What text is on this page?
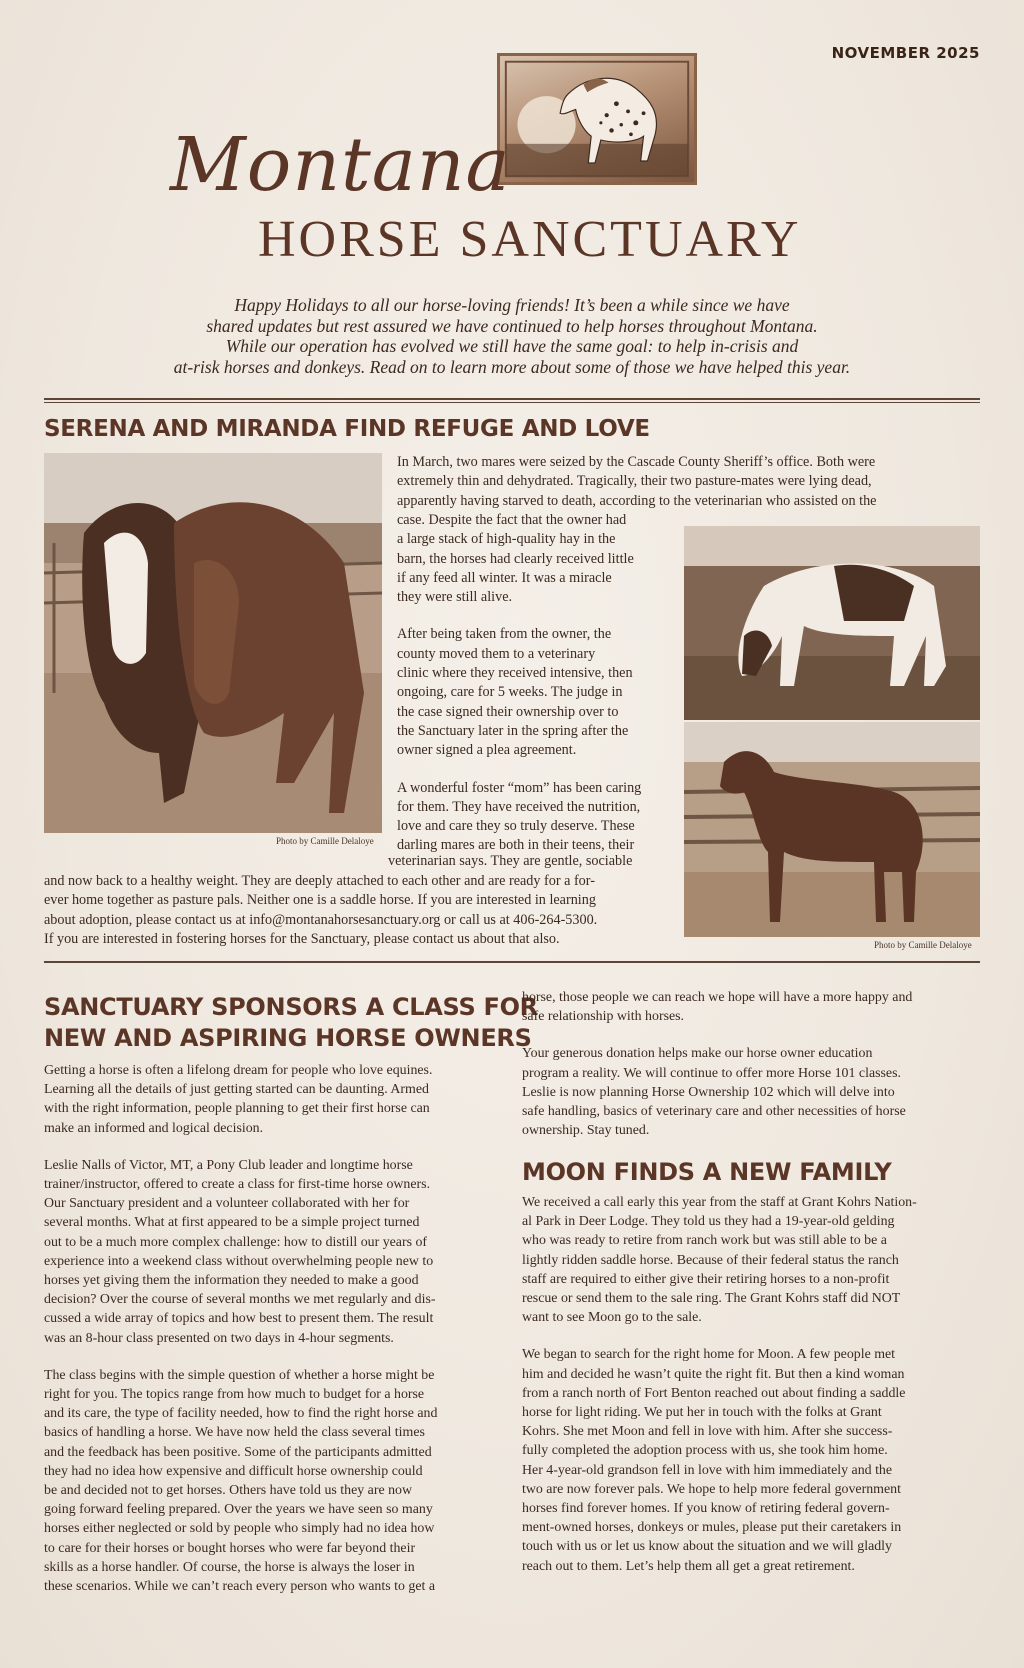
NOVEMBER 2025
Montana
HORSE SANCTUARY
Happy Holidays to all our horse-loving friends! It’s been a while since we have
shared updates but rest assured we have continued to help horses throughout Montana.
While our operation has evolved we still have the same goal: to help in-crisis and
at-risk horses and donkeys. Read on to learn more about some of those we have helped this year.
SERENA AND MIRANDA FIND REFUGE AND LOVE
Photo by Camille Delaloye
Photo by Camille Delaloye
In March, two mares were seized by the Cascade County Sheriff’s office. Both were
extremely thin and dehydrated. Tragically, their two pasture-mates were lying dead,
apparently having starved to death, according to the veterinarian who assisted on the
case. Despite the fact that the owner had
a large stack of high-quality hay in the
barn, the horses had clearly received little
if any feed all winter. It was a miracle
they were still alive.
After being taken from the owner, the
county moved them to a veterinary
clinic where they received intensive, then
ongoing, care for 5 weeks. The judge in
the case signed their ownership over to
the Sanctuary later in the spring after the
owner signed a plea agreement.
A wonderful foster “mom” has been caring
for them. They have received the nutrition,
love and care they so truly deserve. These
darling mares are both in their teens, their
veterinarian says. They are gentle, sociable
and now back to a healthy weight. They are deeply attached to each other and are ready for a for-
ever home together as pasture pals. Neither one is a saddle horse. If you are interested in learning
about adoption, please contact us at info@montanahorsesanctuary.org or call us at 406-264-5300.
If you are interested in fostering horses for the Sanctuary, please contact us about that also.
SANCTUARY SPONSORS A CLASS FOR
NEW AND ASPIRING HORSE OWNERS
Getting a horse is often a lifelong dream for people who love equines.
Learning all the details of just getting started can be daunting. Armed
with the right information, people planning to get their first horse can
make an informed and logical decision.
Leslie Nalls of Victor, MT, a Pony Club leader and longtime horse
trainer/instructor, offered to create a class for first-time horse owners.
Our Sanctuary president and a volunteer collaborated with her for
several months. What at first appeared to be a simple project turned
out to be a much more complex challenge: how to distill our years of
experience into a weekend class without overwhelming people new to
horses yet giving them the information they needed to make a good
decision? Over the course of several months we met regularly and dis-
cussed a wide array of topics and how best to present them. The result
was an 8-hour class presented on two days in 4-hour segments.
The class begins with the simple question of whether a horse might be
right for you. The topics range from how much to budget for a horse
and its care, the type of facility needed, how to find the right horse and
basics of handling a horse. We have now held the class several times
and the feedback has been positive. Some of the participants admitted
they had no idea how expensive and difficult horse ownership could
be and decided not to get horses. Others have told us they are now
going forward feeling prepared. Over the years we have seen so many
horses either neglected or sold by people who simply had no idea how
to care for their horses or bought horses who were far beyond their
skills as a horse handler. Of course, the horse is always the loser in
these scenarios. While we can’t reach every person who wants to get a
horse, those people we can reach we hope will have a more happy and
safe relationship with horses.
Your generous donation helps make our horse owner education
program a reality. We will continue to offer more Horse 101 classes.
Leslie is now planning Horse Ownership 102 which will delve into
safe handling, basics of veterinary care and other necessities of horse
ownership. Stay tuned.
MOON FINDS A NEW FAMILY
We received a call early this year from the staff at Grant Kohrs Nation-
al Park in Deer Lodge. They told us they had a 19-year-old gelding
who was ready to retire from ranch work but was still able to be a
lightly ridden saddle horse. Because of their federal status the ranch
staff are required to either give their retiring horses to a non-profit
rescue or send them to the sale ring. The Grant Kohrs staff did NOT
want to see Moon go to the sale.
We began to search for the right home for Moon. A few people met
him and decided he wasn’t quite the right fit. But then a kind woman
from a ranch north of Fort Benton reached out about finding a saddle
horse for light riding. We put her in touch with the folks at Grant
Kohrs. She met Moon and fell in love with him. After she success-
fully completed the adoption process with us, she took him home.
Her 4-year-old grandson fell in love with him immediately and the
two are now forever pals. We hope to help more federal government
horses find forever homes. If you know of retiring federal govern-
ment-owned horses, donkeys or mules, please put their caretakers in
touch with us or let us know about the situation and we will gladly
reach out to them. Let’s help them all get a great retirement.
